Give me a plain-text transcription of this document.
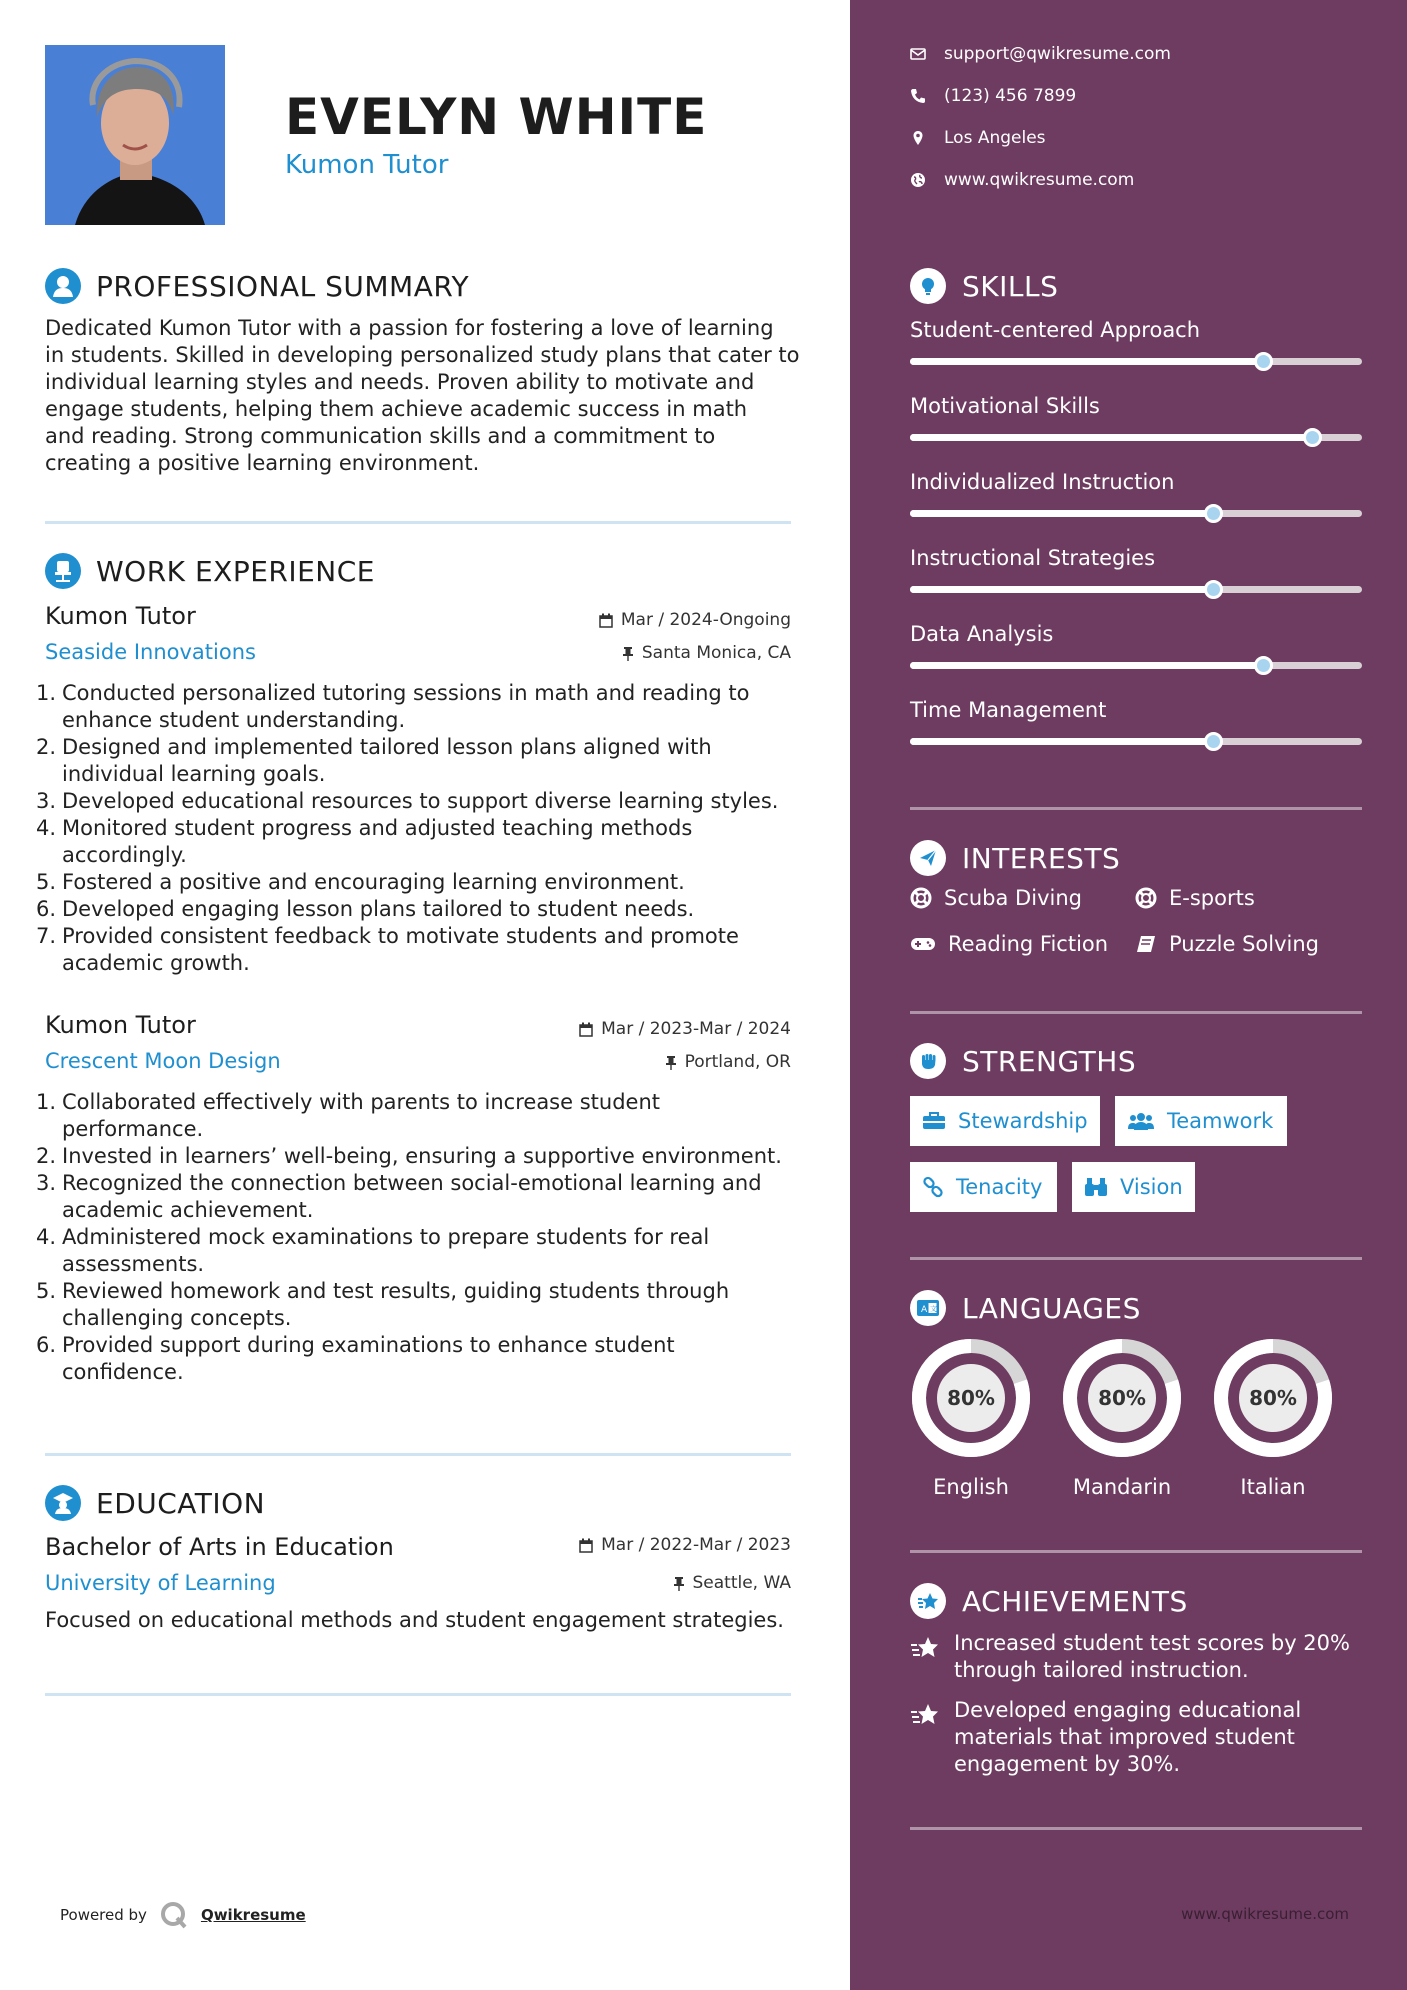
EVELYN WHITE
Kumon Tutor
PROFESSIONAL SUMMARY
Dedicated Kumon Tutor with a passion for fostering a love of learning
in students. Skilled in developing personalized study plans that cater to
individual learning styles and needs. Proven ability to motivate and
engage students, helping them achieve academic success in math
and reading. Strong communication skills and a commitment to
creating a positive learning environment.
WORK EXPERIENCE
Kumon Tutor
Seaside Innovations
Mar / 2024-Ongoing
Santa Monica, CA
1. Conducted personalized tutoring sessions in math and reading to
enhance student understanding.
2. Designed and implemented tailored lesson plans aligned with
individual learning goals.
3. Developed educational resources to support diverse learning styles.
4. Monitored student progress and adjusted teaching methods
accordingly.
5. Fostered a positive and encouraging learning environment.
6. Developed engaging lesson plans tailored to student needs.
7. Provided consistent feedback to motivate students and promote
academic growth.
Kumon Tutor
Crescent Moon Design
Mar / 2023-Mar / 2024
Portland, OR
1. Collaborated effectively with parents to increase student
performance.
2. Invested in learners’ well-being, ensuring a supportive environment.
3. Recognized the connection between social-emotional learning and
academic achievement.
4. Administered mock examinations to prepare students for real
assessments.
5. Reviewed homework and test results, guiding students through
challenging concepts.
6. Provided support during examinations to enhance student
confidence.
EDUCATION
Bachelor of Arts in Education
University of Learning
Mar / 2022-Mar / 2023
Seattle, WA
Focused on educational methods and student engagement strategies.
Powered by	Qwikresume
support@qwikresume.com
(123) 456 7899
Los Angeles
www.qwikresume.com
SKILLS
Student-centered Approach
Motivational Skills
Individualized Instruction
Instructional Strategies
Data Analysis
Time Management
INTERESTS
Scuba Diving	E-sports
Reading Fiction	Puzzle Solving
STRENGTHS
Stewardship	Teamwork
Tenacity	Vision
A 文 LANGUAGES
80%
English
80%
Mandarin
80%
Italian
ACHIEVEMENTS
Increased student test scores by 20%
through tailored instruction.
Developed engaging educational
materials that improved student
engagement by 30%.
www.qwikresume.com
